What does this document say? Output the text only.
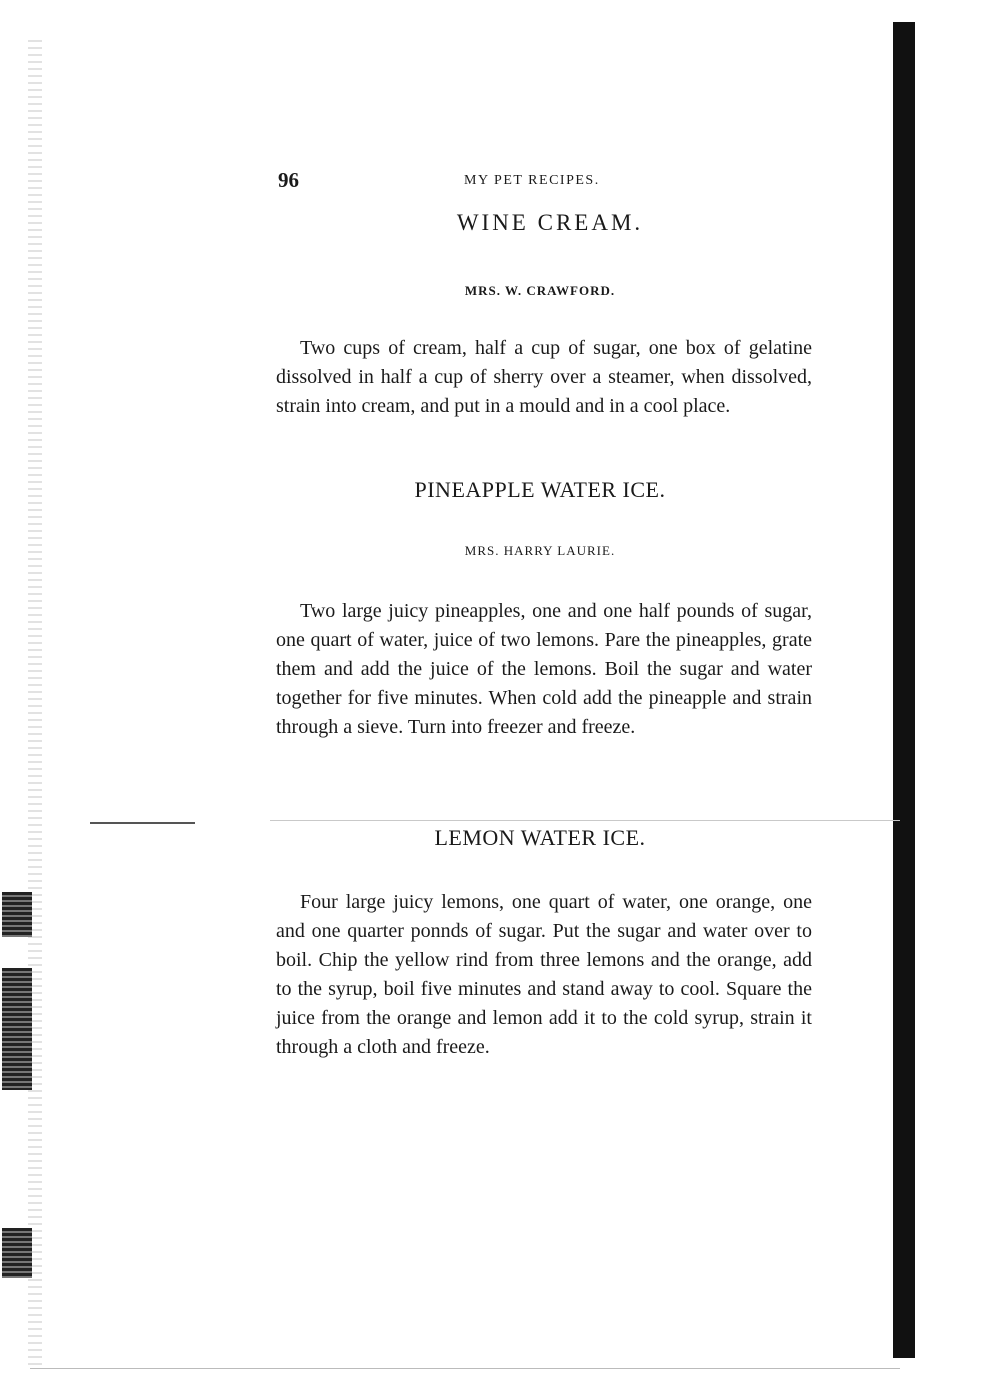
96	MY PET RECIPES.
WINE CREAM.
MRS. W. CRAWFORD.

Two cups of cream, half a cup of sugar, one box of gelatine dissolved in half a cup of sherry over a steamer, when dissolved, strain into cream, and put in a mould and in a cool place.

PINEAPPLE WATER ICE.
MRS. HARRY LAURIE.

Two large juicy pineapples, one and one half pounds of sugar, one quart of water, juice of two lemons. Pare the pineapples, grate them and add the juice of the lemons. Boil the sugar and water together for five minutes. When cold add the pineapple and strain through a sieve. Turn into freezer and freeze.

LEMON WATER ICE.

Four large juicy lemons, one quart of water, one orange, one and one quarter ponnds of sugar. Put the sugar and water over to boil. Chip the yellow rind from three lemons and the orange, add to the syrup, boil five minutes and stand away to cool. Square the juice from the orange and lemon add it to the cold syrup, strain it through a cloth and freeze.
